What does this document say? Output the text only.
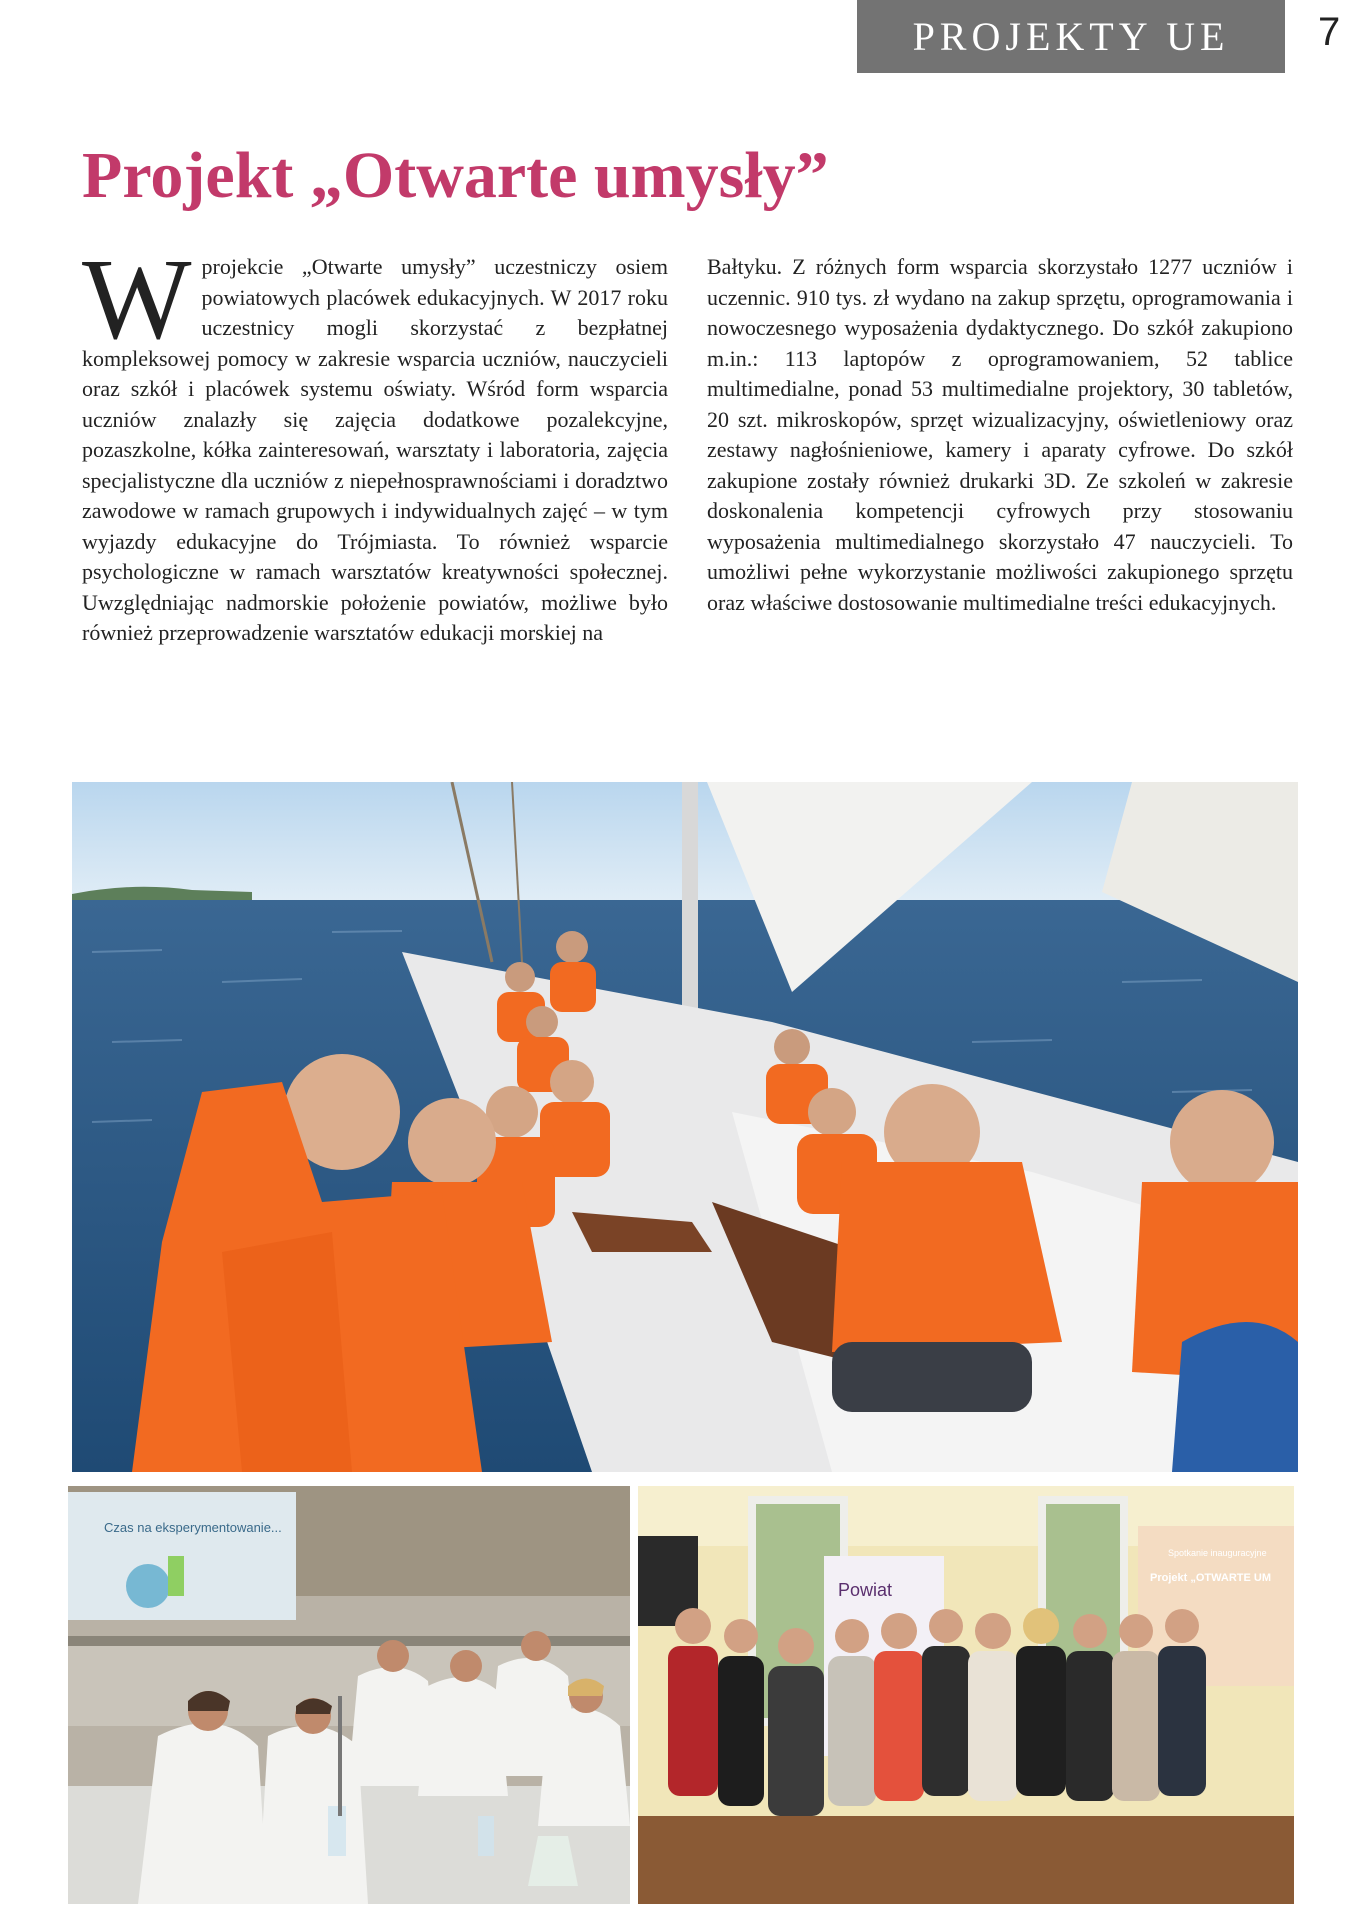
PROJEKTY UE 7
Projekt „Otwarte umysły”
W projekcie „Otwarte umysły” uczestniczy osiem powiatowych placówek edukacyjnych. W 2017 roku uczestnicy mogli skorzystać z bezpłatnej kompleksowej pomocy w zakresie wsparcia uczniów, nauczycieli oraz szkół i placówek systemu oświaty. Wśród form wsparcia uczniów znalazły się zajęcia dodatkowe pozalekcyjne, pozaszkolne, kółka zainteresowań, warsztaty i laboratoria, zajęcia specjalistyczne dla uczniów z niepełnosprawnościami i doradztwo zawodowe w ramach grupowych i indywidualnych zajęć – w tym wyjazdy edukacyjne do Trójmiasta. To również wsparcie psychologiczne w ramach warsztatów kreatywności społecznej. Uwzględniając nadmorskie położenie powiatów, możliwe było również przeprowadzenie warsztatów edukacji morskiej na
Bałtyku. Z różnych form wsparcia skorzystało 1277 uczniów i uczennic. 910 tys. zł wydano na zakup sprzętu, oprogramowania i nowoczesnego wyposażenia dydaktycznego. Do szkół zakupiono m.in.: 113 laptopów z oprogramowaniem, 52 tablice multimedialne, ponad 53 multimedialne projektory, 30 tabletów, 20 szt. mikroskopów, sprzęt wizualizacyjny, oświetleniowy oraz zestawy nagłośnieniowe, kamery i aparaty cyfrowe. Do szkół zakupione zostały również drukarki 3D. Ze szkoleń w zakresie doskonalenia kompetencji cyfrowych przy stosowaniu wyposażenia multimedialnego skorzystało 47 nauczycieli. To umożliwi pełne wykorzystanie możliwości zakupionego sprzętu oraz właściwe dostosowanie multimedialne treści edukacyjnych.
Czas na eksperymentowanie...
Powiat
Spotkanie inauguracyjne
Projekt „OTWARTE UM
